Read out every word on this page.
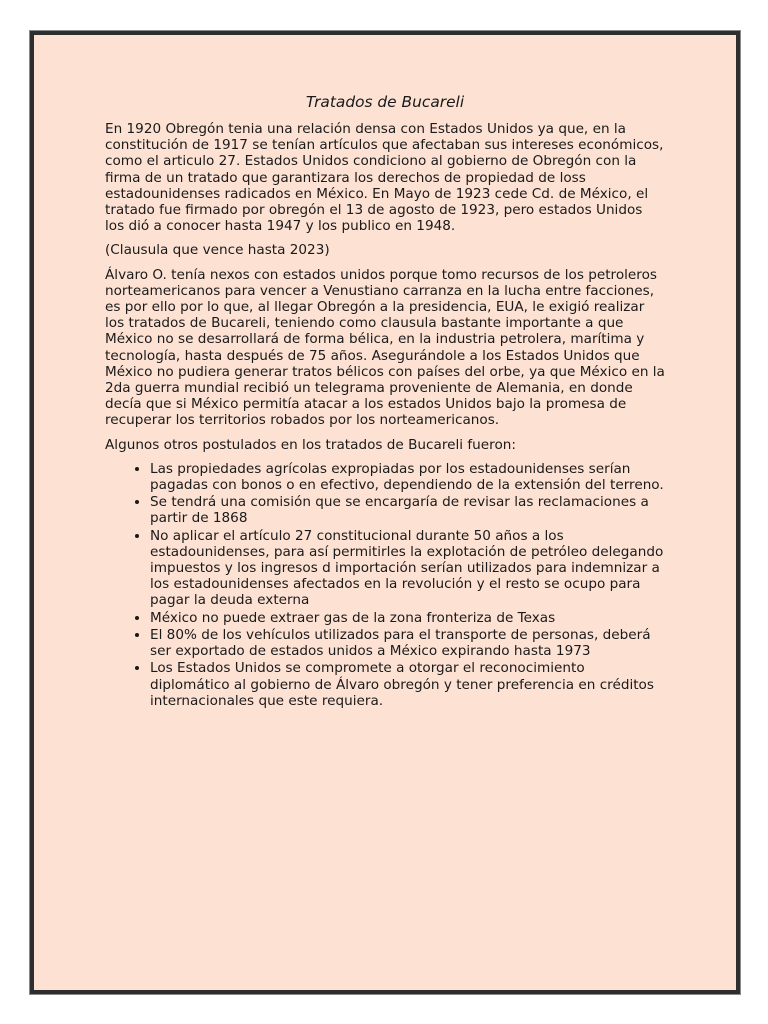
Tratados de Bucareli

En 1920 Obregón tenia una relación densa con Estados Unidos ya que, en la constitución de 1917 se tenían artículos que afectaban sus intereses económicos, como el articulo 27. Estados Unidos condiciono al gobierno de Obregón con la firma de un tratado que garantizara los derechos de propiedad de loss estadounidenses radicados en México. En Mayo de 1923 cede Cd. de México, el tratado fue firmado por obregón el 13 de agosto de 1923, pero estados Unidos los dió a conocer hasta 1947 y los publico en 1948.

(Clausula que vence hasta 2023)

Álvaro O. tenía nexos con estados unidos porque tomo recursos de los petroleros norteamericanos para vencer a Venustiano carranza en la lucha entre facciones, es por ello por lo que, al llegar Obregón a la presidencia, EUA, le exigió realizar los tratados de Bucareli, teniendo como clausula bastante importante a que México no se desarrollará de forma bélica, en la industria petrolera, marítima y tecnología, hasta después de 75 años. Asegurándole a los Estados Unidos que México no pudiera generar tratos bélicos con países del orbe, ya que México en la 2da guerra mundial recibió un telegrama proveniente de Alemania, en donde decía que si México permitía atacar a los estados Unidos bajo la promesa de recuperar los territorios robados por los norteamericanos.

Algunos otros postulados en los tratados de Bucareli fueron:

• Las propiedades agrícolas expropiadas por los estadounidenses serían pagadas con bonos o en efectivo, dependiendo de la extensión del terreno.
• Se tendrá una comisión que se encargaría de revisar las reclamaciones a partir de 1868
• No aplicar el artículo 27 constitucional durante 50 años a los estadounidenses, para así permitirles la explotación de petróleo delegando impuestos y los ingresos d importación serían utilizados para indemnizar a los estadounidenses afectados en la revolución y el resto se ocupo para pagar la deuda externa
• México no puede extraer gas de la zona fronteriza de Texas
• El 80% de los vehículos utilizados para el transporte de personas, deberá ser exportado de estados unidos a México expirando hasta 1973
• Los Estados Unidos se compromete a otorgar el reconocimiento diplomático al gobierno de Álvaro obregón y tener preferencia en créditos internacionales que este requiera.
